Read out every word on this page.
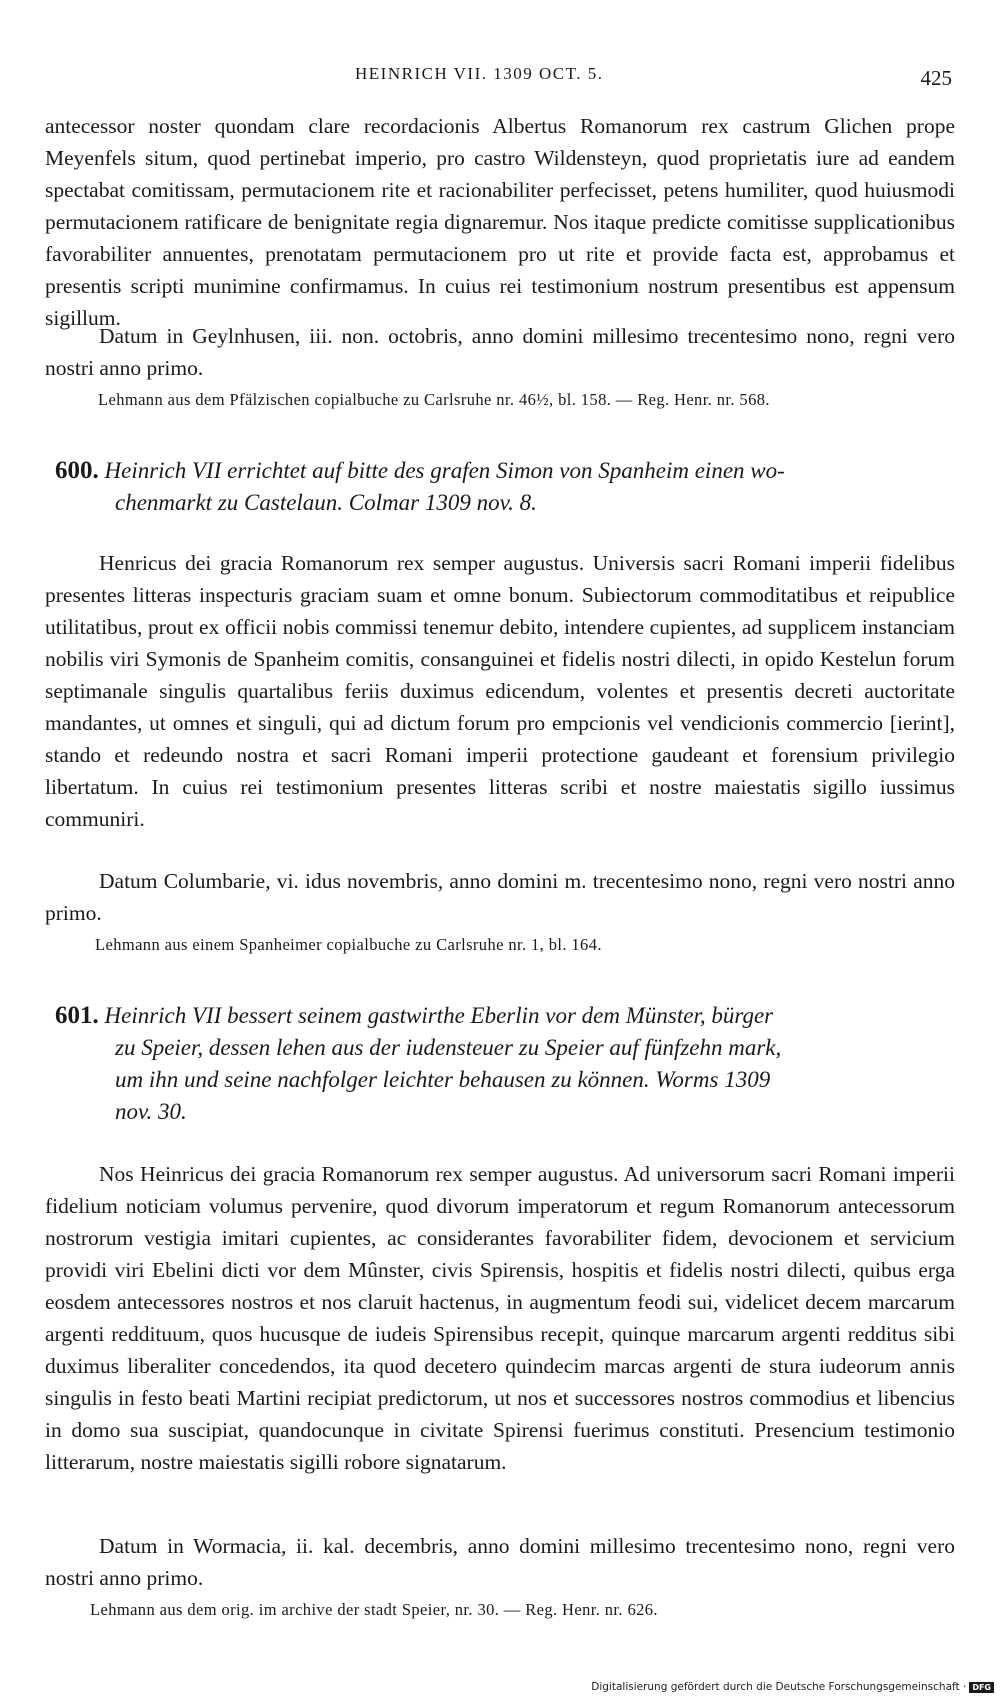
HEINRICH VII. 1309 OCT. 5.	425
antecessor noster quondam clare recordacionis Albertus Romanorum rex castrum Glichen prope Meyenfels situm, quod pertinebat imperio, pro castro Wildensteyn, quod proprietatis iure ad eandem spectabat comitissam, permutacionem rite et racionabiliter perfecisset, petens humiliter, quod huiusmodi permutacionem ratificare de benignitate regia dignaremur. Nos itaque predicte comitisse supplicationibus favorabiliter annuentes, prenotatam permutacionem pro ut rite et provide facta est, approbamus et presentis scripti munimine confirmamus. In cuius rei testimonium nostrum presentibus est appensum sigillum.
Datum in Geylnhusen, iii. non. octobris, anno domini millesimo trecentesimo nono, regni vero nostri anno primo.
Lehmann aus dem Pfälzischen copialbuche zu Carlsruhe nr. 46½, bl. 158. — Reg. Henr. nr. 568.
600. Heinrich VII errichtet auf bitte des grafen Simon von Spanheim einen wo-
chenmarkt zu Castelaun. Colmar 1309 nov. 8.
Henricus dei gracia Romanorum rex semper augustus. Universis sacri Romani imperii fidelibus presentes litteras inspecturis graciam suam et omne bonum. Subiectorum commoditatibus et reipublice utilitatibus, prout ex officii nobis commissi tenemur debito, intendere cupientes, ad supplicem instanciam nobilis viri Symonis de Spanheim comitis, consanguinei et fidelis nostri dilecti, in opido Kestelun forum septimanale singulis quartalibus feriis duximus edicendum, volentes et presentis decreti auctoritate mandantes, ut omnes et singuli, qui ad dictum forum pro empcionis vel vendicionis commercio [ierint], stando et redeundo nostra et sacri Romani imperii protectione gaudeant et forensium privilegio libertatum. In cuius rei testimonium presentes litteras scribi et nostre maiestatis sigillo iussimus communiri.
Datum Columbarie, vi. idus novembris, anno domini m. trecentesimo nono, regni vero nostri anno primo.
Lehmann aus einem Spanheimer copialbuche zu Carlsruhe nr. 1, bl. 164.
601. Heinrich VII bessert seinem gastwirthe Eberlin vor dem Münster, bürger
zu Speier, dessen lehen aus der iudensteuer zu Speier auf fünfzehn mark,
um ihn und seine nachfolger leichter behausen zu können. Worms 1309
nov. 30.
Nos Heinricus dei gracia Romanorum rex semper augustus. Ad universorum sacri Romani imperii fidelium noticiam volumus pervenire, quod divorum imperatorum et regum Romanorum antecessorum nostrorum vestigia imitari cupientes, ac considerantes favorabiliter fidem, devocionem et servicium providi viri Ebelini dicti vor dem Mûnster, civis Spirensis, hospitis et fidelis nostri dilecti, quibus erga eosdem antecessores nostros et nos claruit hactenus, in augmentum feodi sui, videlicet decem marcarum argenti reddituum, quos hucusque de iudeis Spirensibus recepit, quinque marcarum argenti redditus sibi duximus liberaliter concedendos, ita quod decetero quindecim marcas argenti de stura iudeorum annis singulis in festo beati Martini recipiat predictorum, ut nos et successores nostros commodius et libencius in domo sua suscipiat, quandocunque in civitate Spirensi fuerimus constituti. Presencium testimonio litterarum, nostre maiestatis sigilli robore signatarum.
Datum in Wormacia, ii. kal. decembris, anno domini millesimo trecentesimo nono, regni vero nostri anno primo.
Lehmann aus dem orig. im archive der stadt Speier, nr. 30. — Reg. Henr. nr. 626.
Digitalisierung gefördert durch die Deutsche Forschungsgemeinschaft · DFG
